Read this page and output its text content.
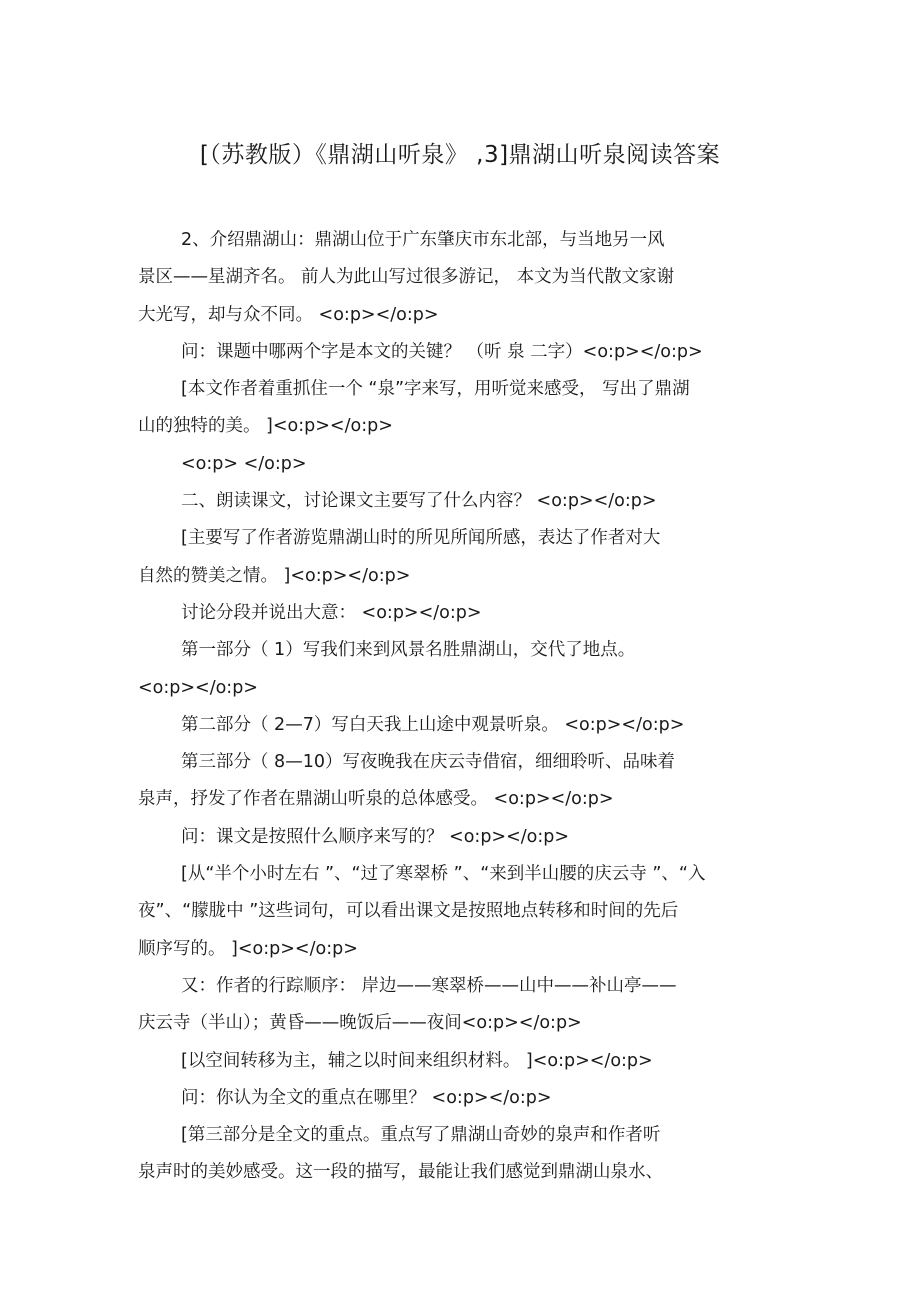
[（苏教版）《鼎湖山听泉》 ,3]鼎湖山听泉阅读答案
2、介绍鼎湖山：鼎湖山位于广东肇庆市东北部，与当地另一风
景区——星湖齐名。 前人为此山写过很多游记， 本文为当代散文家谢
大光写，却与众不同。 <o:p></o:p>
问：课题中哪两个字是本文的关键？ （听 泉 二字）<o:p></o:p>
[本文作者着重抓住一个 “泉”字来写，用听觉来感受， 写出了鼎湖
山的独特的美。 ]<o:p></o:p>
<o:p> </o:p>
二、朗读课文，讨论课文主要写了什么内容？ <o:p></o:p>
[主要写了作者游览鼎湖山时的所见所闻所感，表达了作者对大
自然的赞美之情。 ]<o:p></o:p>
讨论分段并说出大意： <o:p></o:p>
第一部分（ 1）写我们来到风景名胜鼎湖山，交代了地点。
<o:p></o:p>
第二部分（ 2—7）写白天我上山途中观景听泉。 <o:p></o:p>
第三部分（ 8—10）写夜晚我在庆云寺借宿，细细聆听、品味着
泉声，抒发了作者在鼎湖山听泉的总体感受。 <o:p></o:p>
问：课文是按照什么顺序来写的？ <o:p></o:p>
[从“半个小时左右 ”、“过了寒翠桥 ”、“来到半山腰的庆云寺 ”、“入
夜”、“朦胧中 ”这些词句，可以看出课文是按照地点转移和时间的先后
顺序写的。 ]<o:p></o:p>
又：作者的行踪顺序： 岸边——寒翠桥——山中——补山亭——
庆云寺（半山）；黄昏——晚饭后——夜间<o:p></o:p>
[以空间转移为主，辅之以时间来组织材料。 ]<o:p></o:p>
问：你认为全文的重点在哪里？ <o:p></o:p>
[第三部分是全文的重点。重点写了鼎湖山奇妙的泉声和作者听
泉声时的美妙感受。这一段的描写，最能让我们感觉到鼎湖山泉水、
